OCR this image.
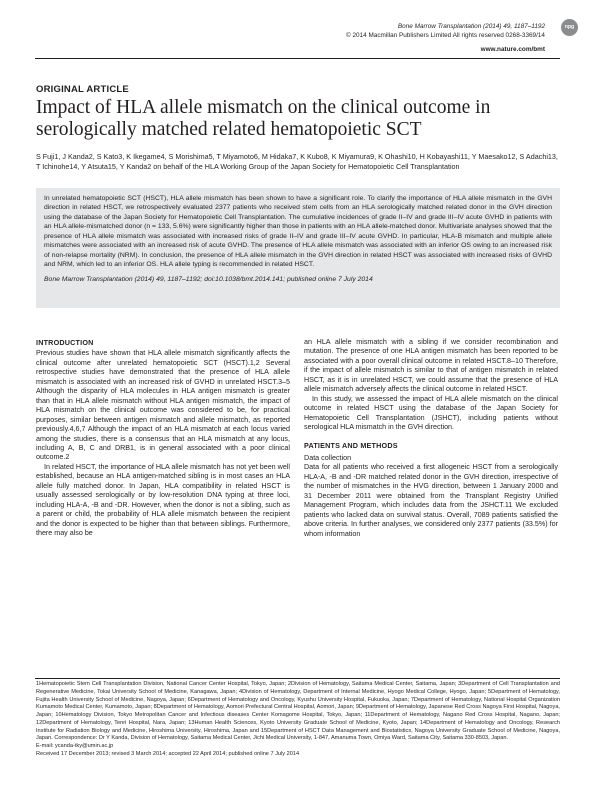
Bone Marrow Transplantation (2014) 49, 1187–1192
© 2014 Macmillan Publishers Limited All rights reserved 0268-3369/14
www.nature.com/bmt
npg
ORIGINAL ARTICLE
Impact of HLA allele mismatch on the clinical outcome in serologically matched related hematopoietic SCT
S Fuji1, J Kanda2, S Kato3, K Ikegame4, S Morishima5, T Miyamoto6, M Hidaka7, K Kubo8, K Miyamura9, K Ohashi10, H Kobayashi11, Y Maesako12, S Adachi13, T Ichinohe14, Y Atsuta15, Y Kanda2 on behalf of the HLA Working Group of the Japan Society for Hematopoietic Cell Transplantation
In unrelated hematopoietic SCT (HSCT), HLA allele mismatch has been shown to have a significant role. To clarify the importance of HLA allele mismatch in the GVH direction in related HSCT, we retrospectively evaluated 2377 patients who received stem cells from an HLA serologically matched related donor in the GVH direction using the database of the Japan Society for Hematopoietic Cell Transplantation. The cumulative incidences of grade II–IV and grade III–IV acute GVHD in patients with an HLA allele-mismatched donor (n = 133, 5.6%) were significantly higher than those in patients with an HLA allele-matched donor. Multivariate analyses showed that the presence of HLA allele mismatch was associated with increased risks of grade II–IV and grade III–IV acute GVHD. In particular, HLA-B mismatch and multiple allele mismatches were associated with an increased risk of acute GVHD. The presence of HLA allele mismatch was associated with an inferior OS owing to an increased risk of non-relapse mortality (NRM). In conclusion, the presence of HLA allele mismatch in the GVH direction in related HSCT was associated with increased risks of GVHD and NRM, which led to an inferior OS. HLA allele typing is recommended in related HSCT.
Bone Marrow Transplantation (2014) 49, 1187–1192; doi:10.1038/bmt.2014.141; published online 7 July 2014
INTRODUCTION

Previous studies have shown that HLA allele mismatch significantly affects the clinical outcome after unrelated hematopoietic SCT (HSCT).1,2 Several retrospective studies have demonstrated that the presence of HLA allele mismatch is associated with an increased risk of GVHD in unrelated HSCT.3–5 Although the disparity of HLA molecules in HLA antigen mismatch is greater than that in HLA allele mismatch without HLA antigen mismatch, the impact of HLA mismatch on the clinical outcome was considered to be, for practical purposes, similar between antigen mismatch and allele mismatch, as reported previously.4,6,7 Although the impact of an HLA mismatch at each locus varied among the studies, there is a consensus that an HLA mismatch at any locus, including A, B, C and DRB1, is in general associated with a poor clinical outcome.2

In related HSCT, the importance of HLA allele mismatch has not yet been well established, because an HLA antigen-matched sibling is in most cases an HLA allele fully matched donor. In Japan, HLA compatibility in related HSCT is usually assessed serologically or by low-resolution DNA typing at three loci, including HLA-A, -B and -DR. However, when the donor is not a sibling, such as a parent or child, the probability of HLA allele mismatch between the recipient and the donor is expected to be higher than that between siblings. Furthermore, there may also be

an HLA allele mismatch with a sibling if we consider recombination and mutation. The presence of one HLA antigen mismatch has been reported to be associated with a poor overall clinical outcome in related HSCT.8–10 Therefore, if the impact of allele mismatch is similar to that of antigen mismatch in related HSCT, as it is in unrelated HSCT, we could assume that the presence of HLA allele mismatch adversely affects the clinical outcome in related HSCT.

In this study, we assessed the impact of HLA allele mismatch on the clinical outcome in related HSCT using the database of the Japan Society for Hematopoietic Cell Transplantation (JSHCT), including patients without serological HLA mismatch in the GVH direction.

PATIENTS AND METHODS
Data collection

Data for all patients who received a first allogeneic HSCT from a serologically HLA-A, -B and -DR matched related donor in the GVH direction, irrespective of the number of mismatches in the HVG direction, between 1 January 2000 and 31 December 2011 were obtained from the Transplant Registry Unified Management Program, which includes data from the JSHCT.11 We excluded patients who lacked data on survival status. Overall, 7089 patients satisfied the above criteria. In further analyses, we considered only 2377 patients (33.5%) for whom information

1Hematopoietic Stem Cell Transplantation Division, National Cancer Center Hospital, Tokyo, Japan; 2Division of Hematology, Saitama Medical Center, Saitama, Japan; 3Department of Cell Transplantation and Regenerative Medicine, Tokai University School of Medicine, Kanagawa, Japan; 4Division of Hematology, Department of Internal Medicine, Hyogo Medical College, Hyogo, Japan; 5Department of Hematology, Fujita Health University School of Medicine, Nagoya, Japan; 6Department of Hematology and Oncology, Kyushu University Hospital, Fukuoka, Japan; 7Department of Hematology, National Hospital Organization Kumamoto Medical Center, Kumamoto, Japan; 8Department of Hematology, Aomori Prefectural Central Hospital, Aomori, Japan; 9Department of Hematology, Japanese Red Cross Nagoya First Hospital, Nagoya, Japan; 10Hematology Division, Tokyo Metropolitan Cancer and Infectious diseases Center Komagome Hospital, Tokyo, Japan; 11Department of Hematology, Nagano Red Cross Hospital, Nagano, Japan; 12Department of Hematology, Tenri Hospital, Nara, Japan; 13Human Health Sciences, Kyoto University Graduate School of Medicine, Kyoto, Japan; 14Department of Hematology and Oncology, Research Institute for Radiation Biology and Medicine, Hiroshima University, Hiroshima, Japan and 15Department of HSCT Data Management and Biostatistics, Nagoya University Graduate School of Medicine, Nagoya, Japan. Correspondence: Dr Y Kanda, Division of Hematology, Saitama Medical Center, Jichi Medical University, 1-847, Amanuma Town, Omiya Ward, Saitama City, Saitama 330-8503, Japan.
E-mail: ycanda-tky@umin.ac.jp
Received 17 December 2013; revised 3 March 2014; accepted 22 April 2014; published online 7 July 2014
